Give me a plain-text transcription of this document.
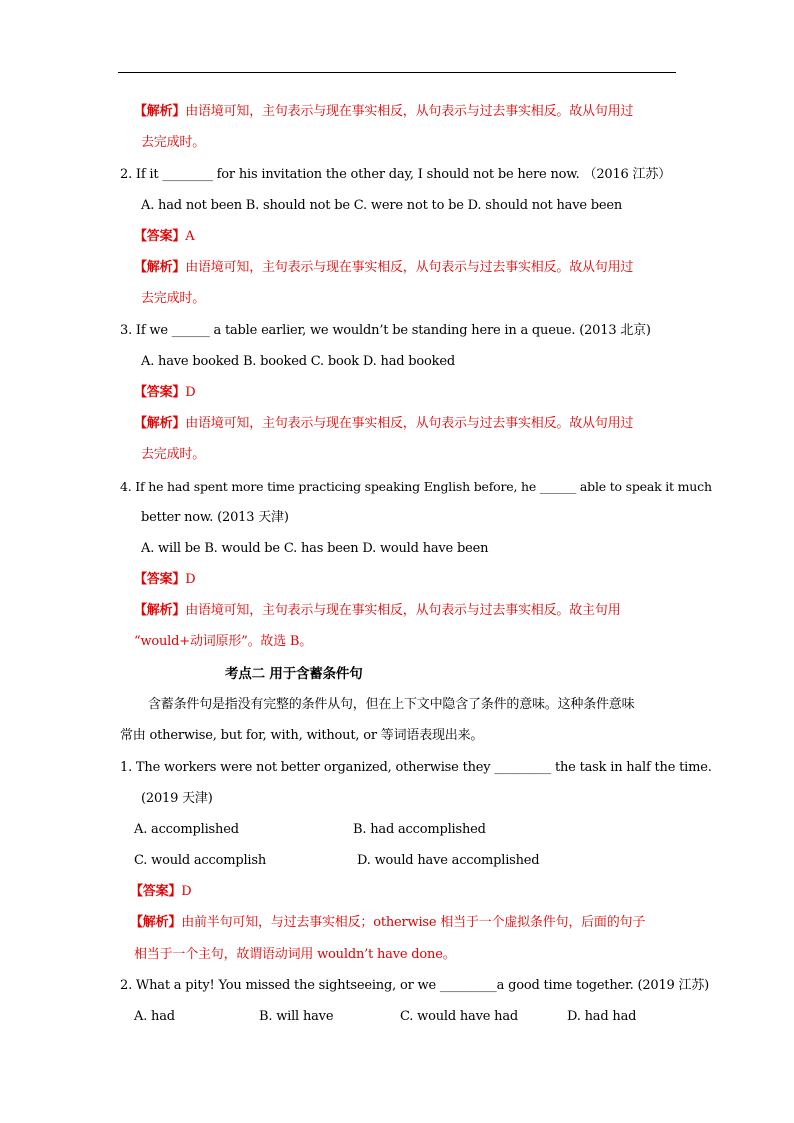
【解析】由语境可知，主句表示与现在事实相反，从句表示与过去事实相反。故从句用过
去完成时。
2. If it ________ for his invitation the other day, I should not be here now. （2016 江苏）
A. had not been B. should not be C. were not to be D. should not have been
【答案】A
【解析】由语境可知，主句表示与现在事实相反，从句表示与过去事实相反。故从句用过
去完成时。
3. If we ______ a table earlier, we wouldn’t be standing here in a queue. (2013 北京)
A. have booked B. booked C. book D. had booked
【答案】D
【解析】由语境可知，主句表示与现在事实相反，从句表示与过去事实相反。故从句用过
去完成时。
4. If he had spent more time practicing speaking English before, he ______ able to speak it much
better now. (2013 天津)
A. will be B. would be C. has been D. would have been
【答案】D
【解析】由语境可知，主句表示与现在事实相反，从句表示与过去事实相反。故主句用
“would+动词原形”。故选 B。
考点二 用于含蓄条件句
含蓄条件句是指没有完整的条件从句，但在上下文中隐含了条件的意味。这种条件意味
常由 otherwise, but for, with, without, or 等词语表现出来。
1. The workers were not better organized, otherwise they _________ the task in half the time.
(2019 天津)
A. accomplished	B. had accomplished
C. would accomplish	D. would have accomplished
【答案】D
【解析】由前半句可知，与过去事实相反；otherwise 相当于一个虚拟条件句，后面的句子
相当于一个主句，故谓语动词用 wouldn’t have done。
2. What a pity! You missed the sightseeing, or we _________a good time together. (2019 江苏)
A. had	B. will have	C. would have had	D. had had
